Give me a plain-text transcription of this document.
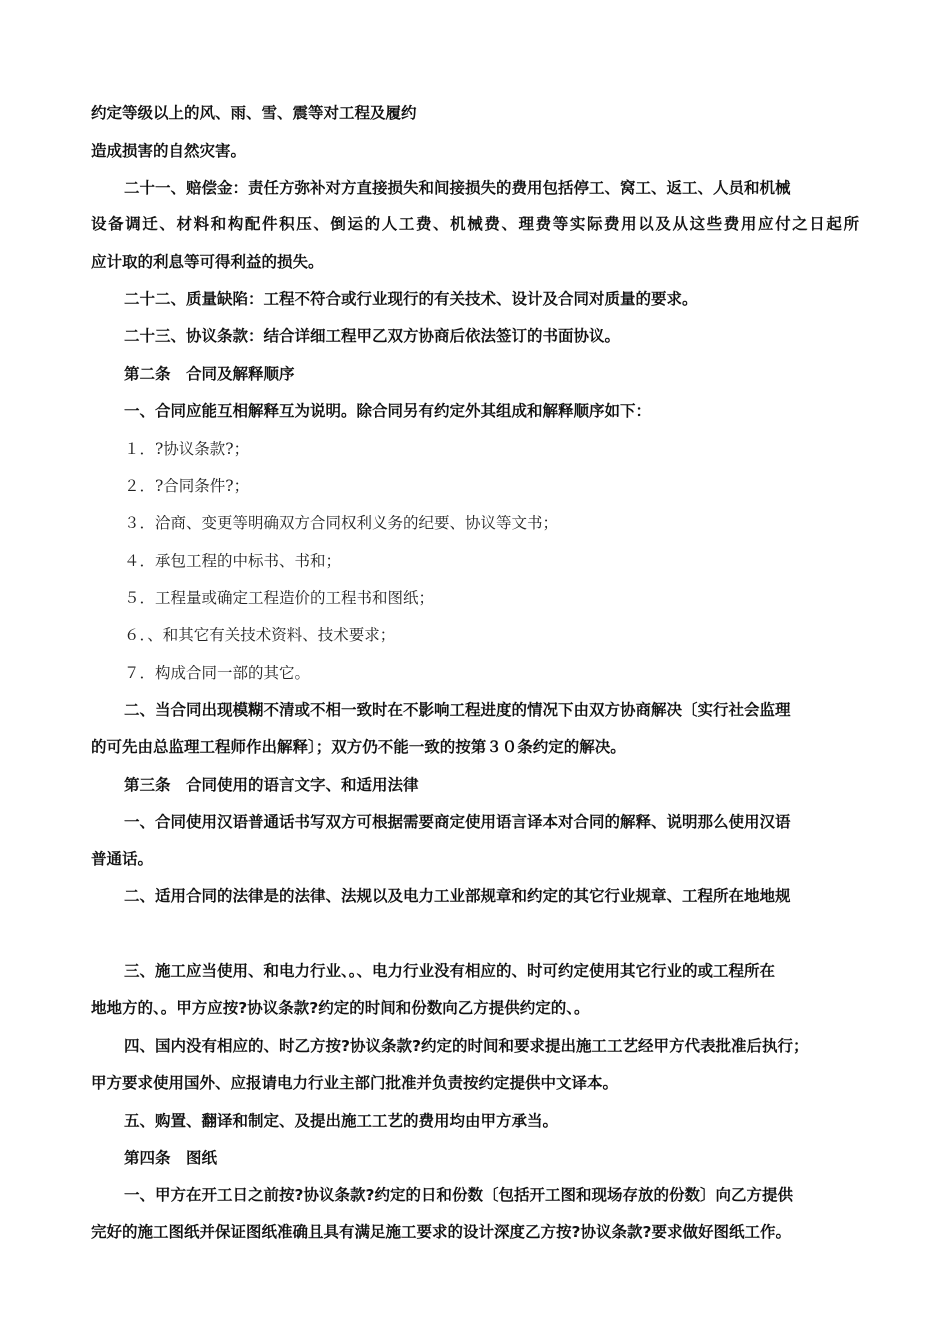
约定等级以上的风、雨、雪、震等对工程及履约
造成损害的自然灾害。
二十一、赔偿金：责任方弥补对方直接损失和间接损失的费用包括停工、窝工、返工、人员和机械
设备调迁、材料和构配件积压、倒运的人工费、机械费、理费等实际费用以及从这些费用应付之日起所
应计取的利息等可得利益的损失。
二十二、质量缺陷：工程不符合或行业现行的有关技术、设计及合同对质量的要求。
二十三、协议条款：结合详细工程甲乙双方协商后依法签订的书面协议。
第二条　合同及解释顺序
一、合同应能互相解释互为说明。除合同另有约定外其组成和解释顺序如下：
１．?协议条款?；
２．?合同条件?；
３．洽商、变更等明确双方合同权利义务的纪要、协议等文书；
４．承包工程的中标书、书和；
５．工程量或确定工程造价的工程书和图纸；
６．、和其它有关技术资料、技术要求；
７．构成合同一部的其它。
二、当合同出现模糊不清或不相一致时在不影响工程进度的情况下由双方协商解决〔实行社会监理
的可先由总监理工程师作出解释〕；双方仍不能一致的按第３０条约定的解决。
第三条　合同使用的语言文字、和适用法律
一、合同使用汉语普通话书写双方可根据需要商定使用语言译本对合同的解释、说明那么使用汉语
普通话。
二、适用合同的法律是的法律、法规以及电力工业部规章和约定的其它行业规章、工程所在地地规
三、施工应当使用、和电力行业、。、电力行业没有相应的、时可约定使用其它行业的或工程所在
地地方的、。甲方应按?协议条款?约定的时间和份数向乙方提供约定的、。
四、国内没有相应的、时乙方按?协议条款?约定的时间和要求提出施工工艺经甲方代表批准后执行；
甲方要求使用国外、应报请电力行业主部门批准并负责按约定提供中文译本。
五、购置、翻译和制定、及提出施工工艺的费用均由甲方承当。
第四条　图纸
一、甲方在开工日之前按?协议条款?约定的日和份数〔包括开工图和现场存放的份数〕向乙方提供
完好的施工图纸并保证图纸准确且具有满足施工要求的设计深度乙方按?协议条款?要求做好图纸工作。
